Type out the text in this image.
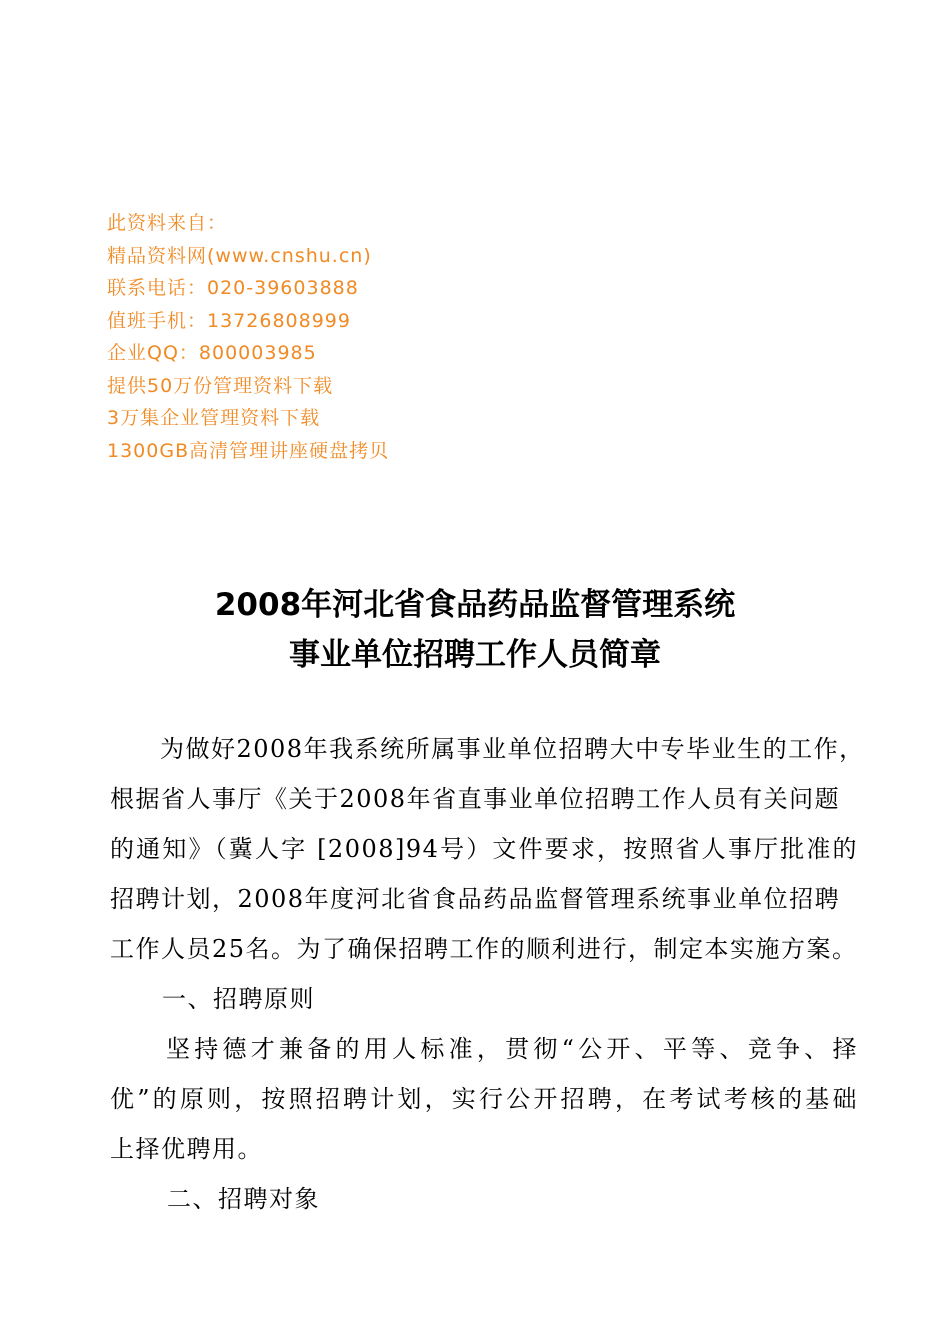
此资料来自：
精品资料网(www.cnshu.cn)
联系电话：020-39603888
值班手机：13726808999
企业QQ：800003985
提供50万份管理资料下载
3万集企业管理资料下载
1300GB高清管理讲座硬盘拷贝
2008年河北省食品药品监督管理系统
事业单位招聘工作人员简章
为做好2008年我系统所属事业单位招聘大中专毕业生的工作，
根据省人事厅《关于2008年省直事业单位招聘工作人员有关问题
的通知》（冀人字 [2008]94号）文件要求，按照省人事厅批准的
招聘计划，2008年度河北省食品药品监督管理系统事业单位招聘
工作人员25名。为了确保招聘工作的顺利进行，制定本实施方案。
一、招聘原则
坚持德才兼备的用人标准，贯彻“公开、平等、竞争、择
优”的原则，按照招聘计划，实行公开招聘，在考试考核的基础
上择优聘用。
二、招聘对象
